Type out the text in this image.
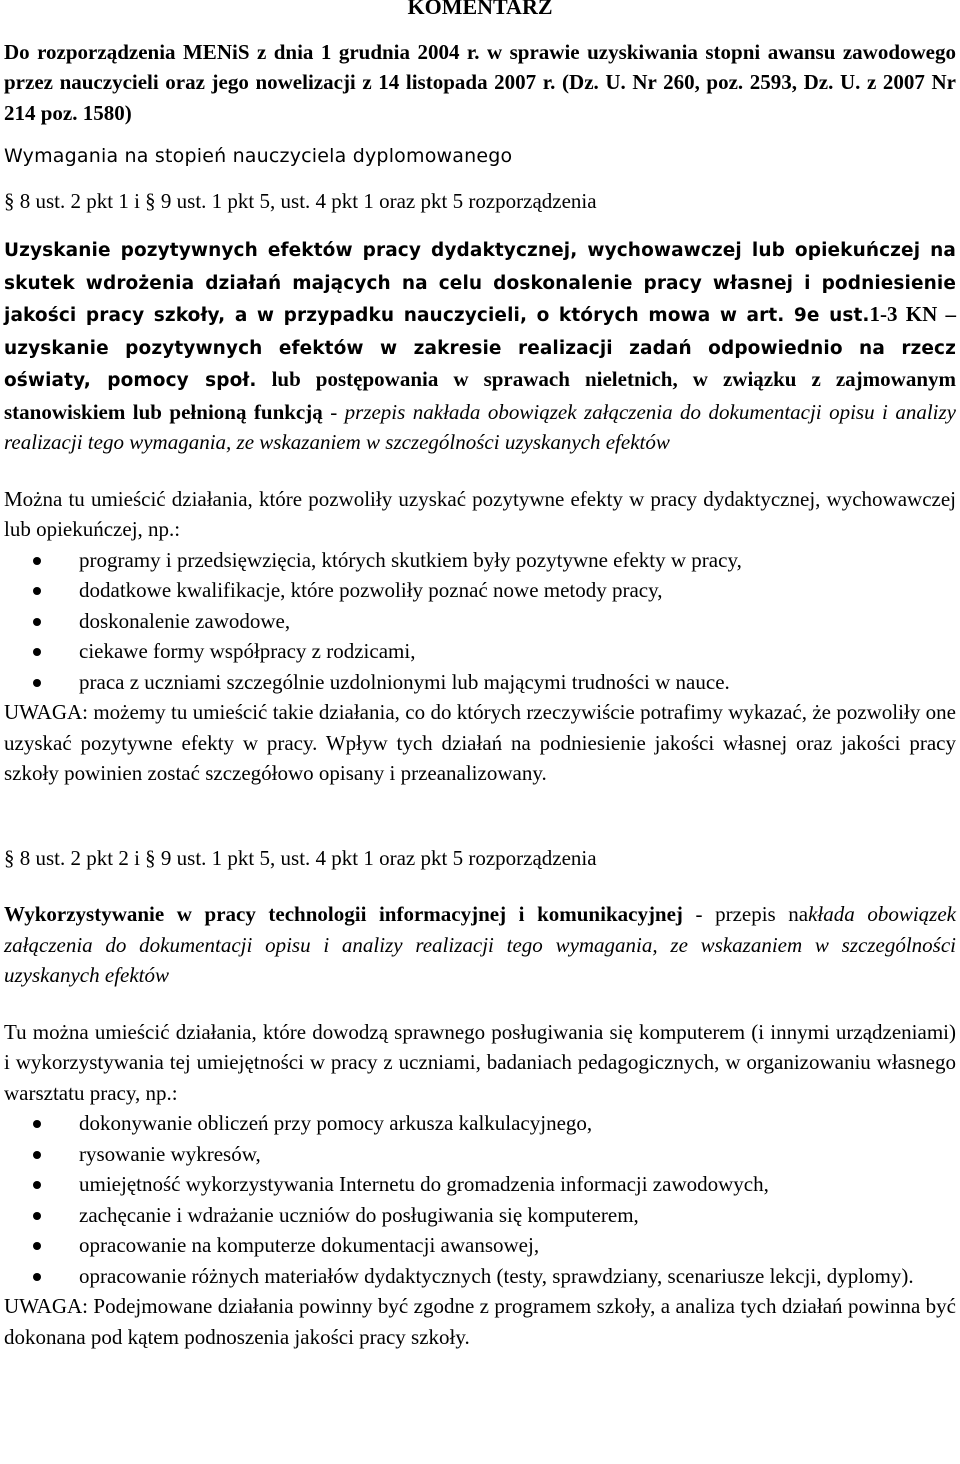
KOMENTARZ

Do rozporządzenia MENiS z dnia 1 grudnia 2004 r. w sprawie uzyskiwania stopni awansu zawodowego przez nauczycieli oraz jego nowelizacji z 14 listopada 2007 r. (Dz. U. Nr 260, poz. 2593, Dz. U. z 2007 Nr 214 poz. 1580)

Wymagania na stopień nauczyciela dyplomowanego

§ 8 ust. 2 pkt 1 i § 9 ust. 1 pkt 5, ust. 4 pkt 1 oraz pkt 5 rozporządzenia

Uzyskanie pozytywnych efektów pracy dydaktycznej, wychowawczej lub opiekuńczej na skutek wdrożenia działań mających na celu doskonalenie pracy własnej i podniesienie jakości pracy szkoły, a w przypadku nauczycieli, o których mowa w art. 9e ust.1-3 KN – uzyskanie pozytywnych efektów w zakresie realizacji zadań odpowiednio na rzecz oświaty, pomocy społ. lub postępowania w sprawach nieletnich, w związku z zajmowanym stanowiskiem lub pełnioną funkcją - przepis nakłada obowiązek załączenia do dokumentacji opisu i analizy realizacji tego wymagania, ze wskazaniem w szczególności uzyskanych efektów

Można tu umieścić działania, które pozwoliły uzyskać pozytywne efekty w pracy dydaktycznej, wychowawczej lub opiekuńczej, np.:

programy i przedsięwzięcia, których skutkiem były pozytywne efekty w pracy,
dodatkowe kwalifikacje, które pozwoliły poznać nowe metody pracy,
doskonalenie zawodowe,
ciekawe formy współpracy z rodzicami,
praca z uczniami szczególnie uzdolnionymi lub mającymi trudności w nauce.

UWAGA: możemy tu umieścić takie działania, co do których rzeczywiście potrafimy wykazać, że pozwoliły one uzyskać pozytywne efekty w pracy. Wpływ tych działań na podniesienie jakości własnej oraz jakości pracy szkoły powinien zostać szczegółowo opisany i przeanalizowany.

§ 8 ust. 2 pkt 2 i § 9 ust. 1 pkt 5, ust. 4 pkt 1 oraz pkt 5 rozporządzenia

Wykorzystywanie w pracy technologii informacyjnej i komunikacyjnej - przepis nakłada obowiązek załączenia do dokumentacji opisu i analizy realizacji tego wymagania, ze wskazaniem w szczególności uzyskanych efektów

Tu można umieścić działania, które dowodzą sprawnego posługiwania się komputerem (i innymi urządzeniami) i wykorzystywania tej umiejętności w pracy z uczniami, badaniach pedagogicznych, w organizowaniu własnego warsztatu pracy, np.:

dokonywanie obliczeń przy pomocy arkusza kalkulacyjnego,
rysowanie wykresów,
umiejętność wykorzystywania Internetu do gromadzenia informacji zawodowych,
zachęcanie i wdrażanie uczniów do posługiwania się komputerem,
opracowanie na komputerze dokumentacji awansowej,
opracowanie różnych materiałów dydaktycznych (testy, sprawdziany, scenariusze lekcji, dyplomy).

UWAGA: Podejmowane działania powinny być zgodne z programem szkoły, a analiza tych działań powinna być dokonana pod kątem podnoszenia jakości pracy szkoły.
